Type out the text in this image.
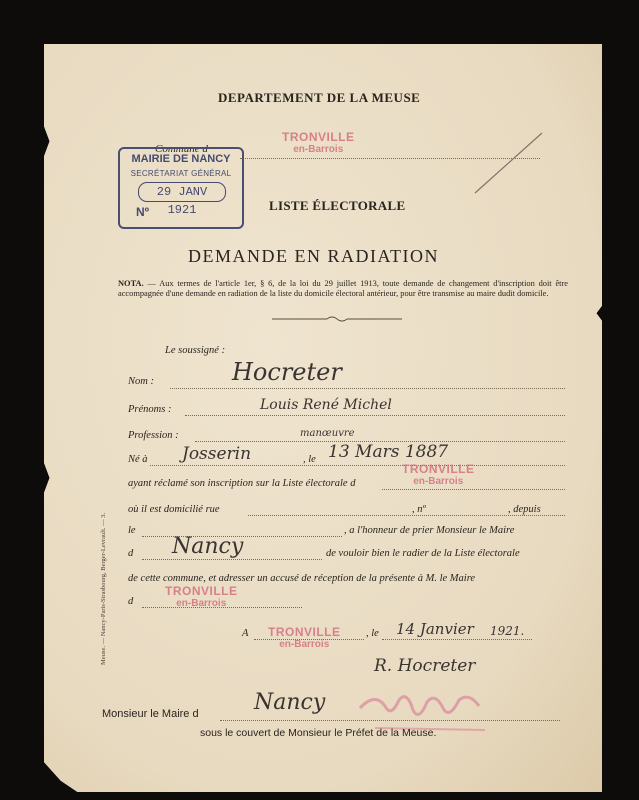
DEPARTEMENT DE LA MEUSE
Commune d
MAIRIE DE NANCY
SECRÉTARIAT GÉNÉRAL
29 JANV 1921
Nº
TRONVILLE
en-Barrois
LISTE ÉLECTORALE
DEMANDE EN RADIATION
NOTA. — Aux termes de l'article 1er, § 6, de la loi du 29 juillet 1913, toute demande de changement d'inscription doit être accompagnée d'une demande en radiation de la liste du domicile électoral antérieur, pour être transmise au maire dudit domicile.
Le soussigné :
Nom :	Hocreter
Prénoms :	Louis René Michel
Profession :	manœuvre
Né à Josserin	, le 13 Mars 1887
ayant réclamé son inscription sur la Liste électorale d
TRONVILLE
en-Barrois
où il est domicilié rue	, nº	, depuis
le	, a l'honneur de prier Monsieur le Maire
d Nancy	de vouloir bien le radier de la Liste électorale
de cette commune, et adresser un accusé de réception de la présente à M. le Maire
d
TRONVILLE
en-Barrois
A TRONVILLE
en-Barrois
, le 14 Janvier 1921.
R. Hocreter
Monsieur le Maire d	Nancy
sous le couvert de Monsieur le Préfet de la Meuse.
Meuse. — Nancy-Paris-Strasbourg, Berger-Levrault. — 3.
